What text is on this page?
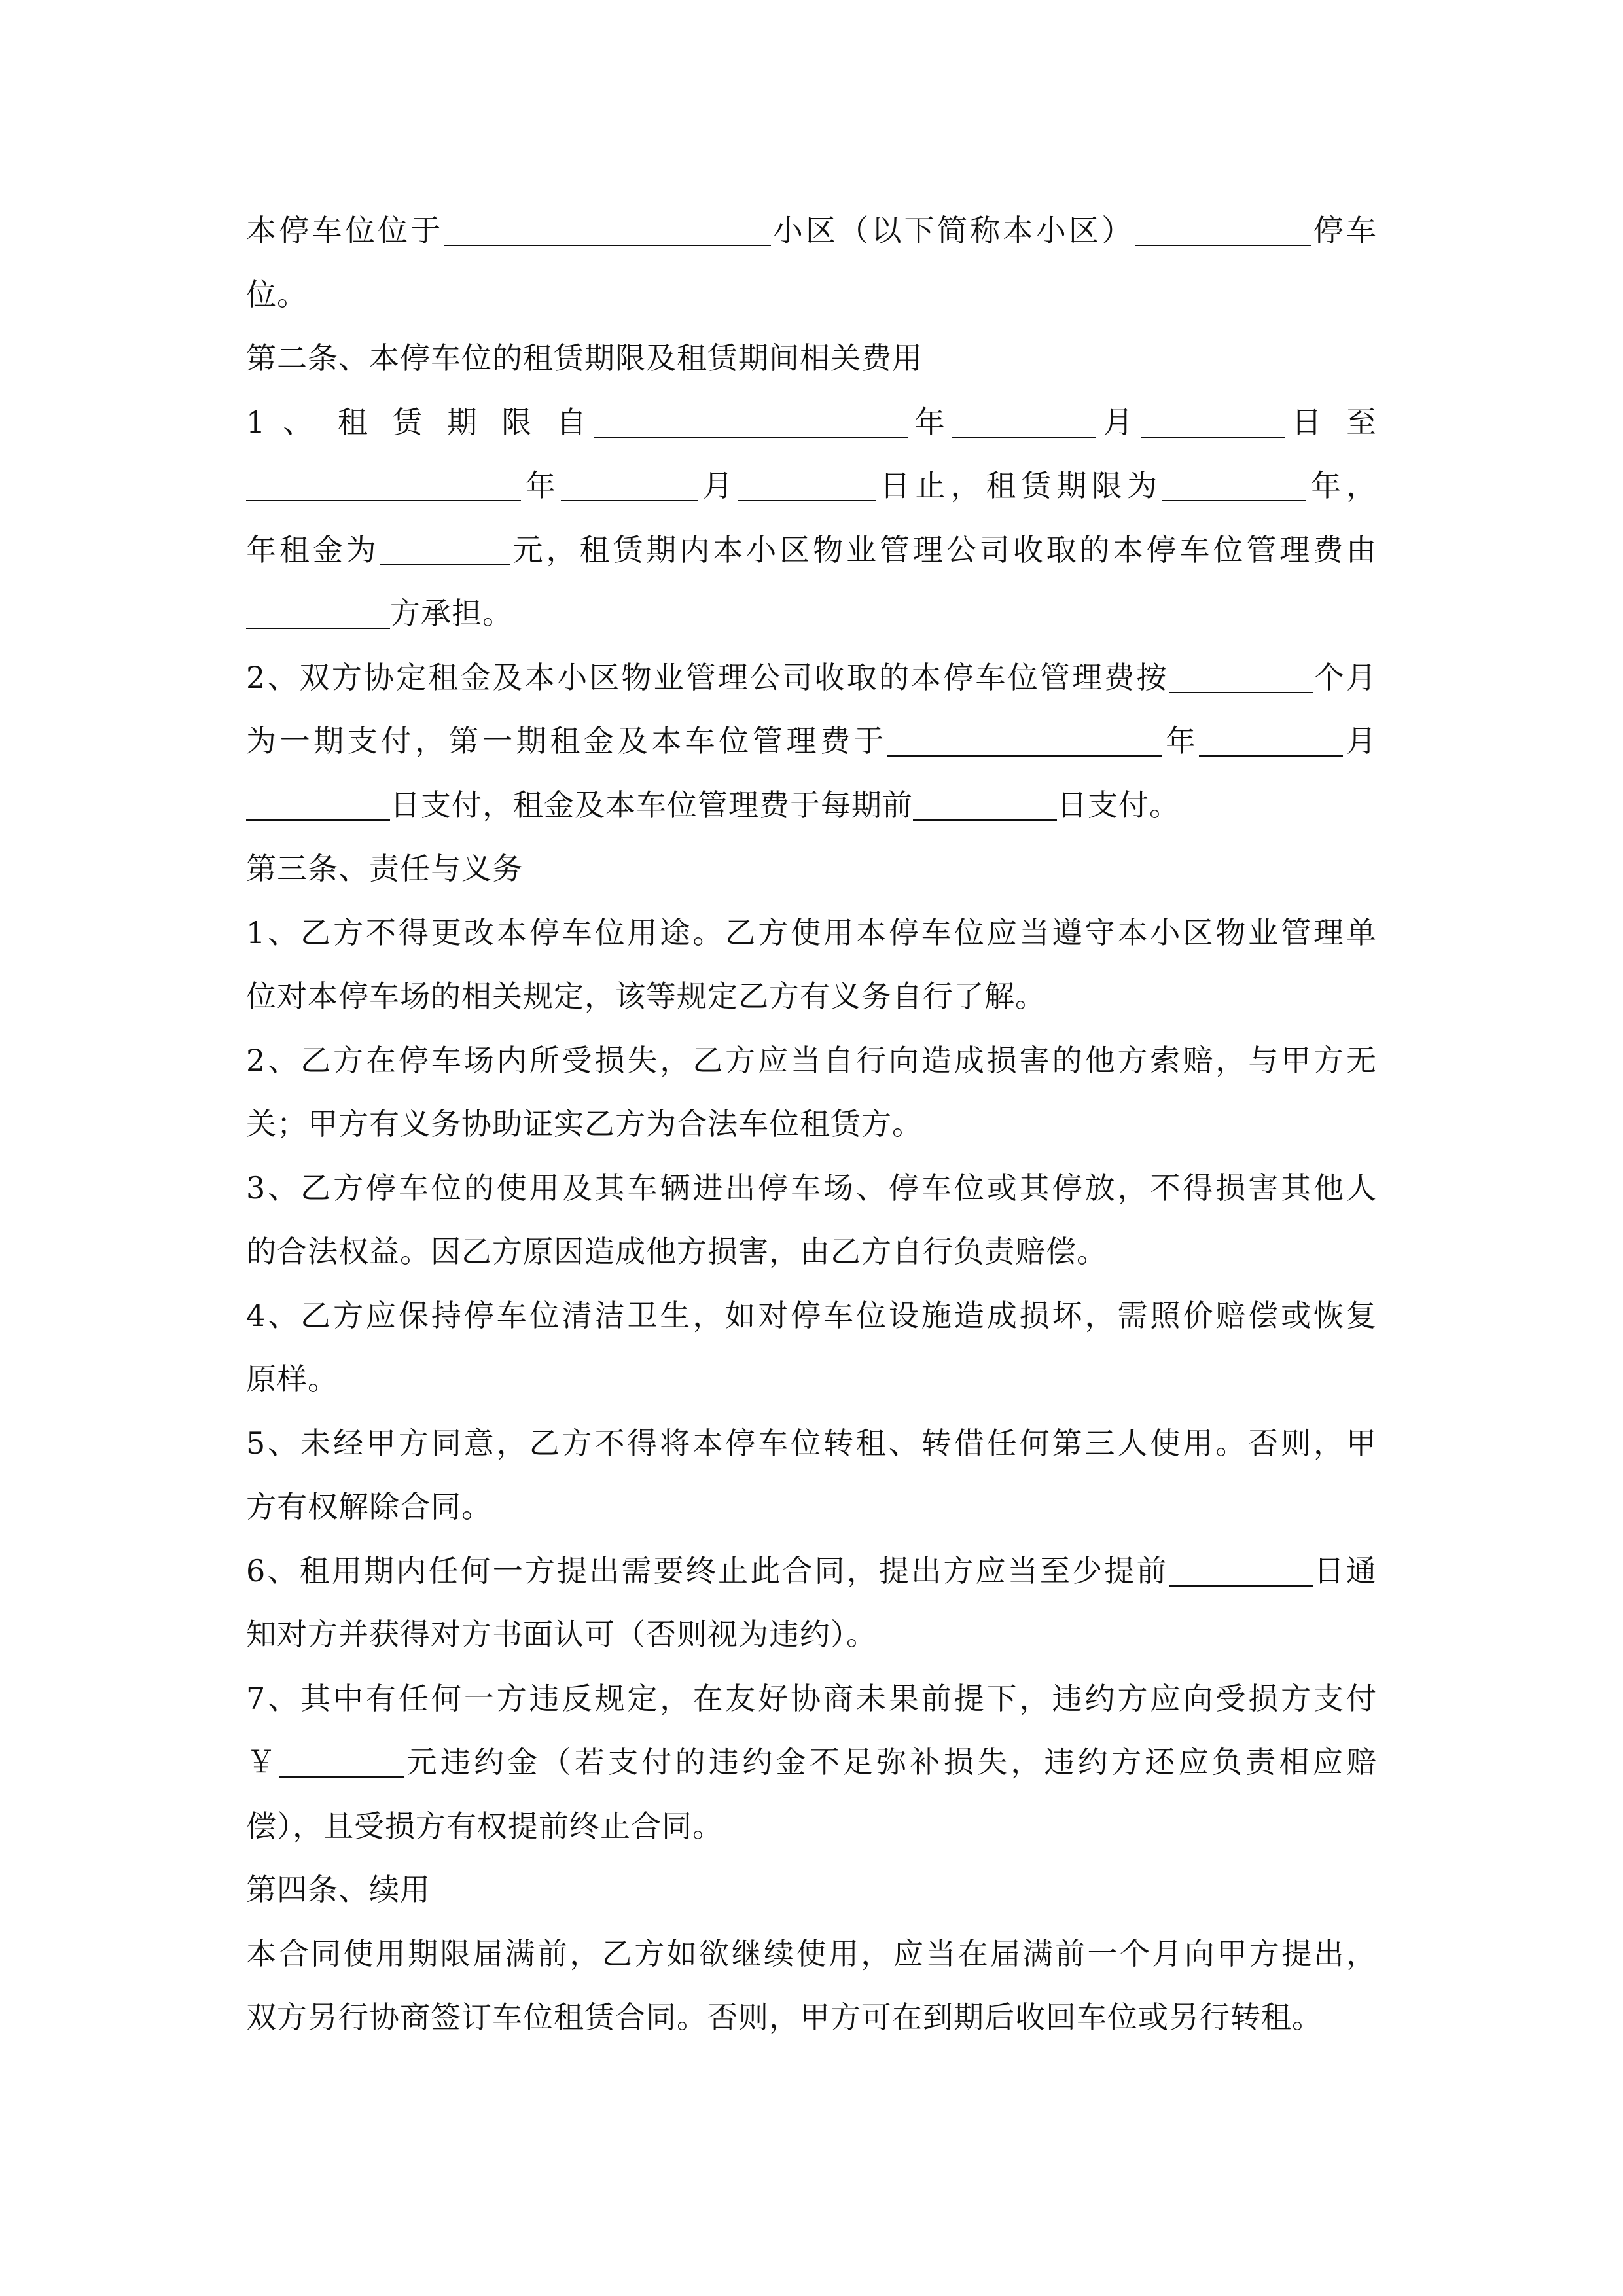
本停车位位于	小区（以下简称本小区）	停车

位。

第二条、本停车位的租赁期限及租赁期间相关费用

1 、 租 赁 期 限 自	年	月	日 至

年	月	日止，租赁期限为	年，

年租金为	元，租赁期内本小区物业管理公司收取的本停车位管理费由

方承担。

2、双方协定租金及本小区物业管理公司收取的本停车位管理费按	个月

为一期支付，第一期租金及本车位管理费于	年	月

日支付，租金及本车位管理费于每期前	日支付。

第三条、责任与义务

1、乙方不得更改本停车位用途。乙方使用本停车位应当遵守本小区物业管理单

位对本停车场的相关规定，该等规定乙方有义务自行了解。

2、乙方在停车场内所受损失，乙方应当自行向造成损害的他方索赔，与甲方无

关；甲方有义务协助证实乙方为合法车位租赁方。

3、乙方停车位的使用及其车辆进出停车场、停车位或其停放，不得损害其他人

的合法权益。因乙方原因造成他方损害，由乙方自行负责赔偿。

4、乙方应保持停车位清洁卫生，如对停车位设施造成损坏，需照价赔偿或恢复

原样。

5、未经甲方同意，乙方不得将本停车位转租、转借任何第三人使用。否则，甲

方有权解除合同。

6、租用期内任何一方提出需要终止此合同，提出方应当至少提前	日通

知对方并获得对方书面认可（否则视为违约）。

7、其中有任何一方违反规定，在友好协商未果前提下，违约方应向受损方支付

￥	元违约金（若支付的违约金不足弥补损失，违约方还应负责相应赔

偿），且受损方有权提前终止合同。

第四条、续用

本合同使用期限届满前，乙方如欲继续使用，应当在届满前一个月向甲方提出，

双方另行协商签订车位租赁合同。否则，甲方可在到期后收回车位或另行转租。
